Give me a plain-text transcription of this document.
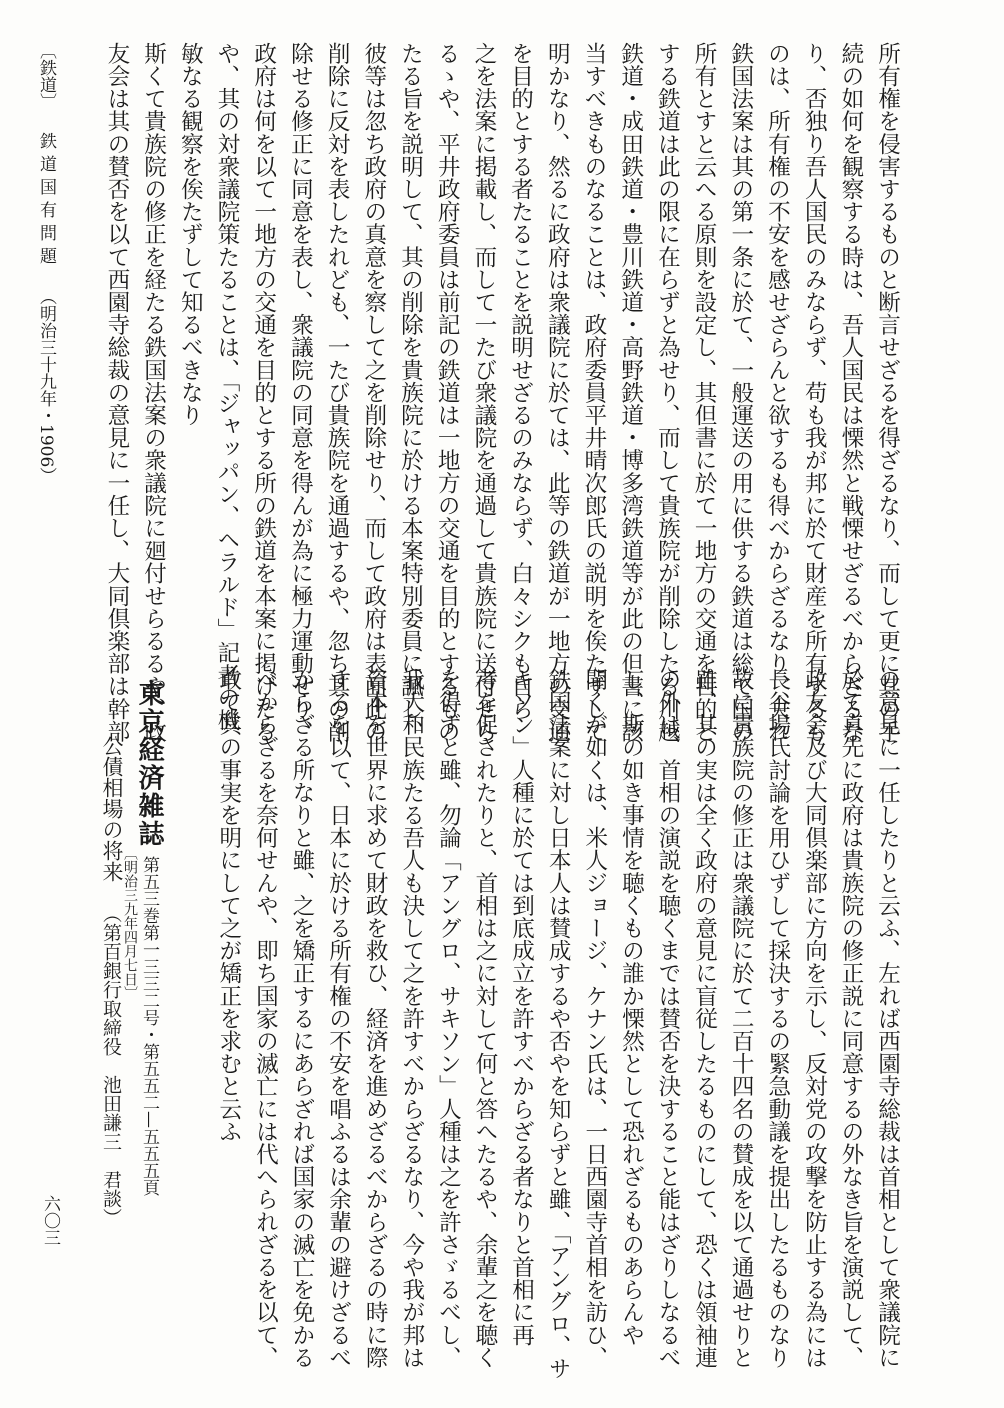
所有権を侵害するものと断言せざるを得ざるなり、而して更に其の手
続の如何を観察する時は、吾人国民は慄然と戦慄せざるべからざるな
り、否独り吾人国民のみならず、苟も我が邦に於て財産を所有するも
のは、所有権の不安を感せざらんと欲するも得べからざるなり、夫れ
鉄国法案は其の第一条に於て、一般運送の用に供する鉄道は総て国の
所有とすと云へる原則を設定し、其但書に於て一地方の交通を目的と
する鉄道は此の限に在らずと為せり、而して貴族院が削除したる川越
鉄道・成田鉄道・豊川鉄道・高野鉄道・博多湾鉄道等が此の但書に該
当すべきものなることは、政府委員平井晴次郎氏の説明を俟たずして
明かなり、然るに政府は衆議院に於ては、此等の鉄道が一地方の交通
を目的とする者たることを説明せざるのみならず、白々シクも自ら
之を法案に掲載し、而して一たび衆議院を通過して貴族院に送付せら
るゝや、平井政府委員は前記の鉄道は一地方の交通を目的とするもの
たる旨を説明して、其の削除を貴族院に於ける本案特別委員に諷し、
彼等は忽ち政府の真意を察して之を削除せり、而して政府は表面此の
削除に反対を表したれども、一たび貴族院を通過するや、忽ち其の削
除せる修正に同意を表し、衆議院の同意を得んが為に極力運動せり、
政府は何を以て一地方の交通を目的とする所の鉄道を本案に掲げたる
や、其の対衆議院策たることは、「ジャッパン、ヘラルド」記者の機
敏なる観察を俟たずして知るべきなり
斯くて貴族院の修正を経たる鉄国法案の衆議院に廻付せらるるや、政
友会は其の賛否を以て西園寺総裁の意見に一任し、大同倶楽部は幹部
の意見に一任したりと云ふ、左れば西園寺総裁は首相として衆議院に
於て真先に政府は貴族院の修正説に同意するの外なき旨を演説して、
政友会及び大同倶楽部に方向を示し、反対党の攻撃を防止する為には
長谷場氏討論を用ひずして採決するの緊急動議を提出したるものなり
故に貴族院の修正は衆議院に於て二百十四名の賛成を以て通過せりと
雖、其の実は全く政府の意見に盲従したるものにして、恐くは領袖連
の外は、首相の演説を聴くまでは賛否を決すること能はざりしなるべ
し、斯の如き事情を聴くもの誰か慄然として恐れざるものあらんや
聞くが如くは、米人ジョージ、ケナン氏は、一日西園寺首相を訪ひ、
鉄国法案に対し日本人は賛成するや否やを知らずと雖、「アングロ、サ
キソン」人種に於ては到底成立を許すべからざる者なりと首相に再
考を促されたりと、首相は之に対して何と答へたるや、余輩之を聴く
を得ずと雖、勿論「アングロ、サキソン」人種は之を許さゞるべし、
我大和民族たる吾人も決して之を許すべからざるなり、今や我が邦は
資本を世界に求めて財政を救ひ、経済を進めざるべからざるの時に際
するを以て、日本に於ける所有権の不安を唱ふるは余輩の避けざるべ
からざる所なりと雖、之を矯正するにあらざれば国家の滅亡を免かる
べからざるを奈何せんや、即ち国家の滅亡には代へられざるを以て、
敢て其の事実を明にして之が矯正を求むと云ふ
〔鉄道〕鉄道国有問題（明治三十九年・1906）
東京経済雑誌
第五三巻第一三三二号・第五五二—五五五頁
〔明治三九年四月七日〕
公債相場の将来
（第百銀行取締役　池田謙三　君談）
六〇三
